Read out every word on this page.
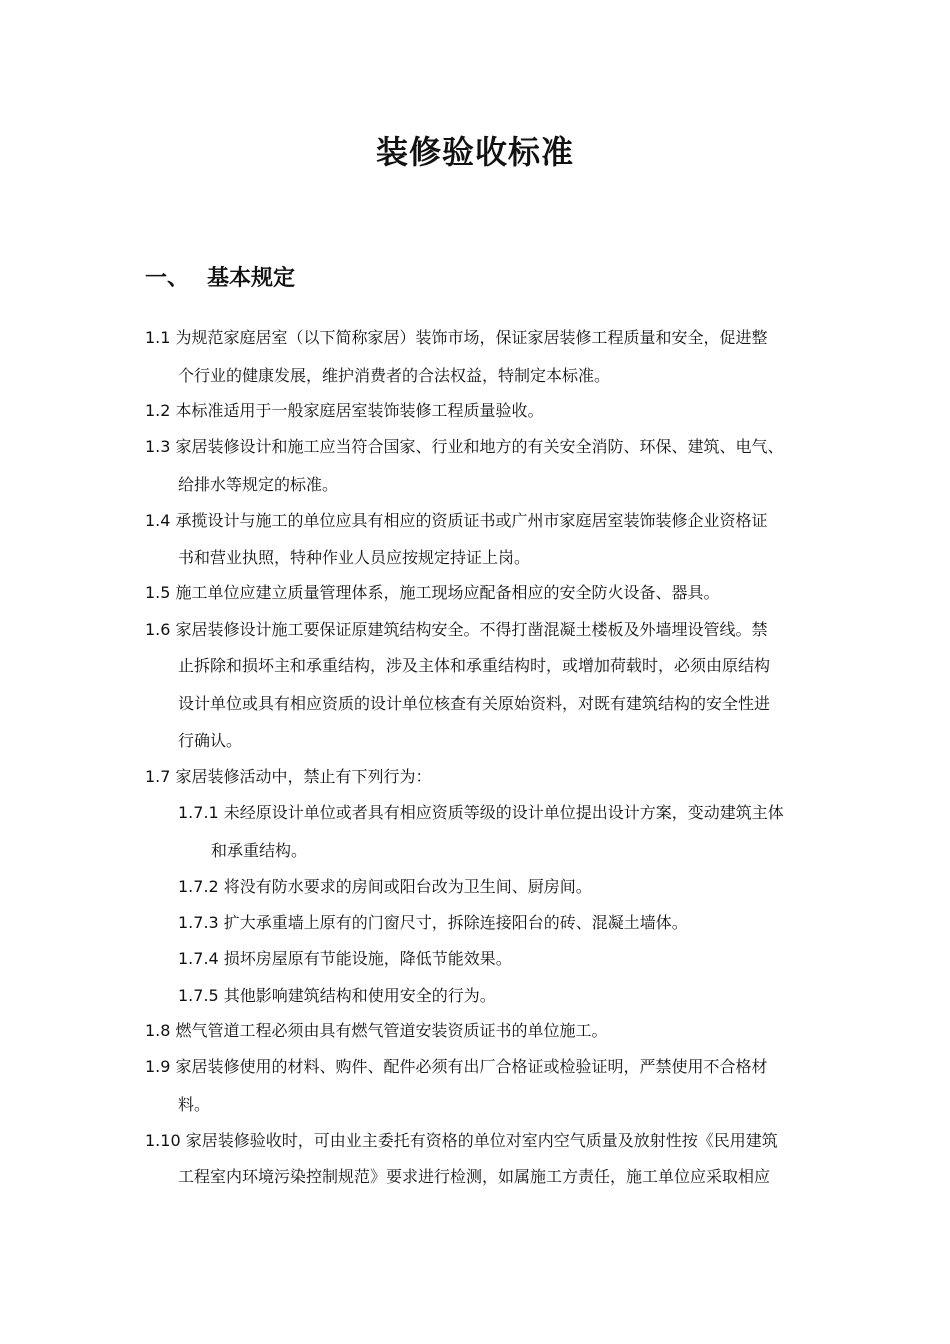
装修验收标准
一、 基本规定
1.1 为规范家庭居室（以下简称家居）装饰市场，保证家居装修工程质量和安全，促进整
个行业的健康发展，维护消费者的合法权益，特制定本标准。
1.2 本标准适用于一般家庭居室装饰装修工程质量验收。
1.3 家居装修设计和施工应当符合国家、行业和地方的有关安全消防、环保、建筑、电气、
给排水等规定的标准。
1.4 承揽设计与施工的单位应具有相应的资质证书或广州市家庭居室装饰装修企业资格证
书和营业执照，特种作业人员应按规定持证上岗。
1.5 施工单位应建立质量管理体系，施工现场应配备相应的安全防火设备、器具。
1.6 家居装修设计施工要保证原建筑结构安全。不得打凿混凝土楼板及外墙埋设管线。禁
止拆除和损坏主和承重结构，涉及主体和承重结构时，或增加荷载时，必须由原结构
设计单位或具有相应资质的设计单位核查有关原始资料，对既有建筑结构的安全性进
行确认。
1.7 家居装修活动中，禁止有下列行为：
1.7.1 未经原设计单位或者具有相应资质等级的设计单位提出设计方案，变动建筑主体
和承重结构。
1.7.2 将没有防水要求的房间或阳台改为卫生间、厨房间。
1.7.3 扩大承重墙上原有的门窗尺寸，拆除连接阳台的砖、混凝土墙体。
1.7.4 损坏房屋原有节能设施，降低节能效果。
1.7.5 其他影响建筑结构和使用安全的行为。
1.8 燃气管道工程必须由具有燃气管道安装资质证书的单位施工。
1.9 家居装修使用的材料、购件、配件必须有出厂合格证或检验证明，严禁使用不合格材
料。
1.10 家居装修验收时，可由业主委托有资格的单位对室内空气质量及放射性按《民用建筑
工程室内环境污染控制规范》要求进行检测，如属施工方责任，施工单位应采取相应
